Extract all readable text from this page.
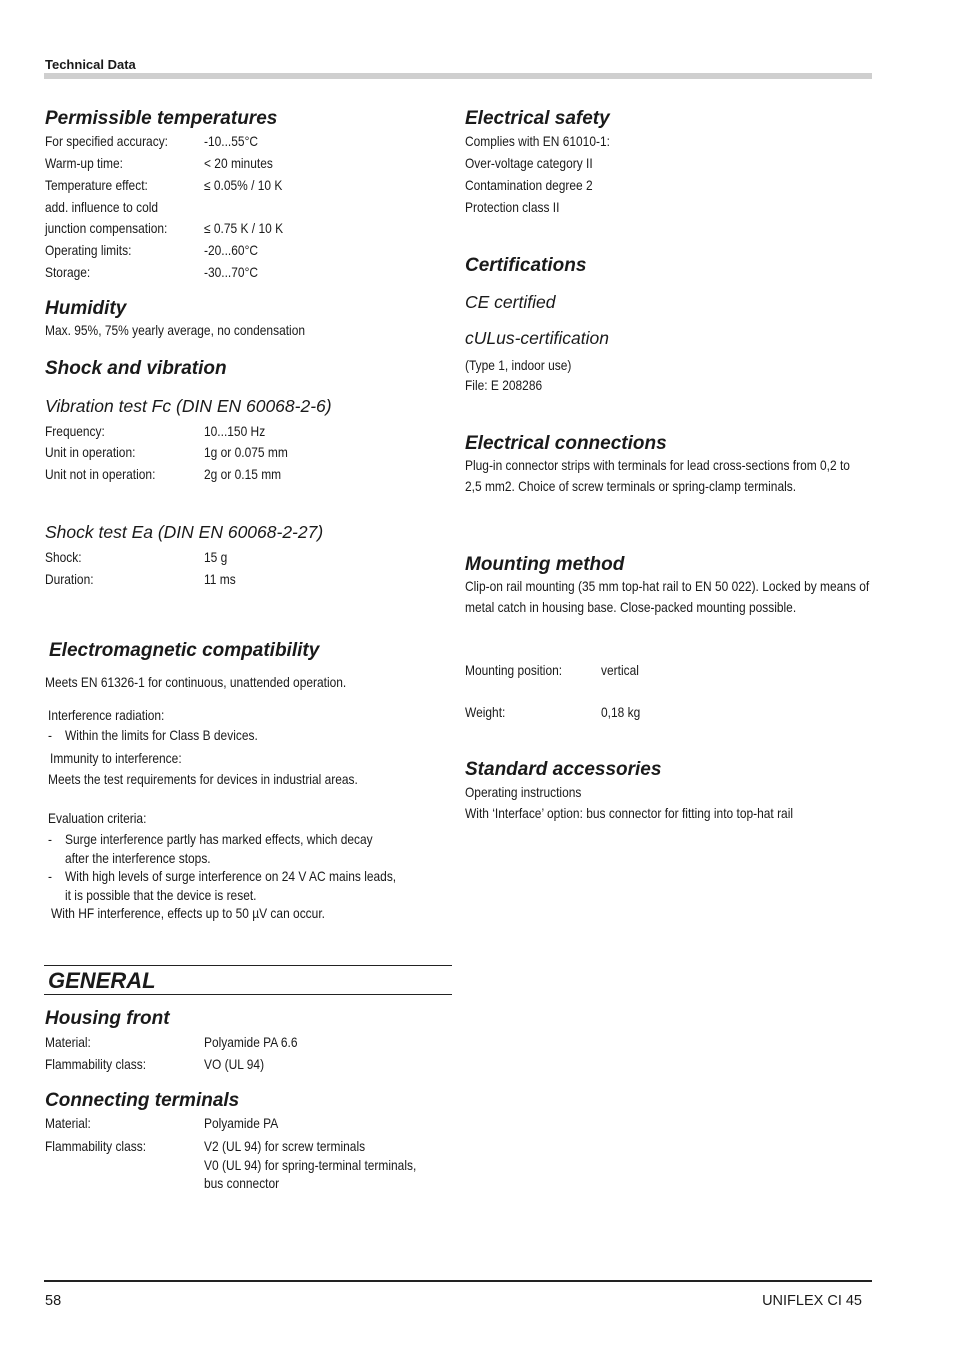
Technical Data
Permissible temperatures
For specified accuracy:	-10...55°C
Warm-up time:	< 20 minutes
Temperature effect:	≤ 0.05% / 10 K
add. influence to cold
junction compensation:	≤ 0.75 K / 10 K
Operating limits:	-20...60°C
Storage:	-30...70°C
Humidity
Max. 95%, 75% yearly average, no condensation
Shock and vibration
Vibration test Fc (DIN EN 60068-2-6)
Frequency:	10...150 Hz
Unit in operation:	1g or 0.075 mm
Unit not in operation:	2g or 0.15 mm
Shock test Ea (DIN EN 60068-2-27)
Shock:	15 g
Duration:	11 ms
Electromagnetic compatibility
Meets EN 61326-1 for continuous, unattended operation.
Interference radiation:
- Within the limits for Class B devices.
Immunity to interference:
Meets the test requirements for devices in industrial areas.
Evaluation criteria:
- Surge interference partly has marked effects, which decay
after the interference stops.
- With high levels of surge interference on 24 V AC mains leads,
it is possible that the device is reset.
With HF interference, effects up to 50 µV can occur.
GENERAL
Housing front
Material:	Polyamide PA 6.6
Flammability class:	VO (UL 94)
Connecting terminals
Material:	Polyamide PA
Flammability class:	V2 (UL 94) for screw terminals
V0 (UL 94) for spring-terminal terminals,
bus connector
Electrical safety
Complies with EN 61010-1:
Over-voltage category II
Contamination degree 2
Protection class II
Certifications
CE certified
cULus-certification
(Type 1, indoor use)
File: E 208286
Electrical connections
Plug-in connector strips with terminals for lead cross-sections from 0,2 to 2,5 mm2. Choice of screw terminals or spring-clamp terminals.
Mounting method
Clip-on rail mounting (35 mm top-hat rail to EN 50 022). Locked by means of metal catch in housing base. Close-packed mounting possible.
Mounting position:	vertical
Weight:	0,18 kg
Standard accessories
Operating instructions
With ‘Interface’ option: bus connector for fitting into top-hat rail
58	UNIFLEX CI 45
